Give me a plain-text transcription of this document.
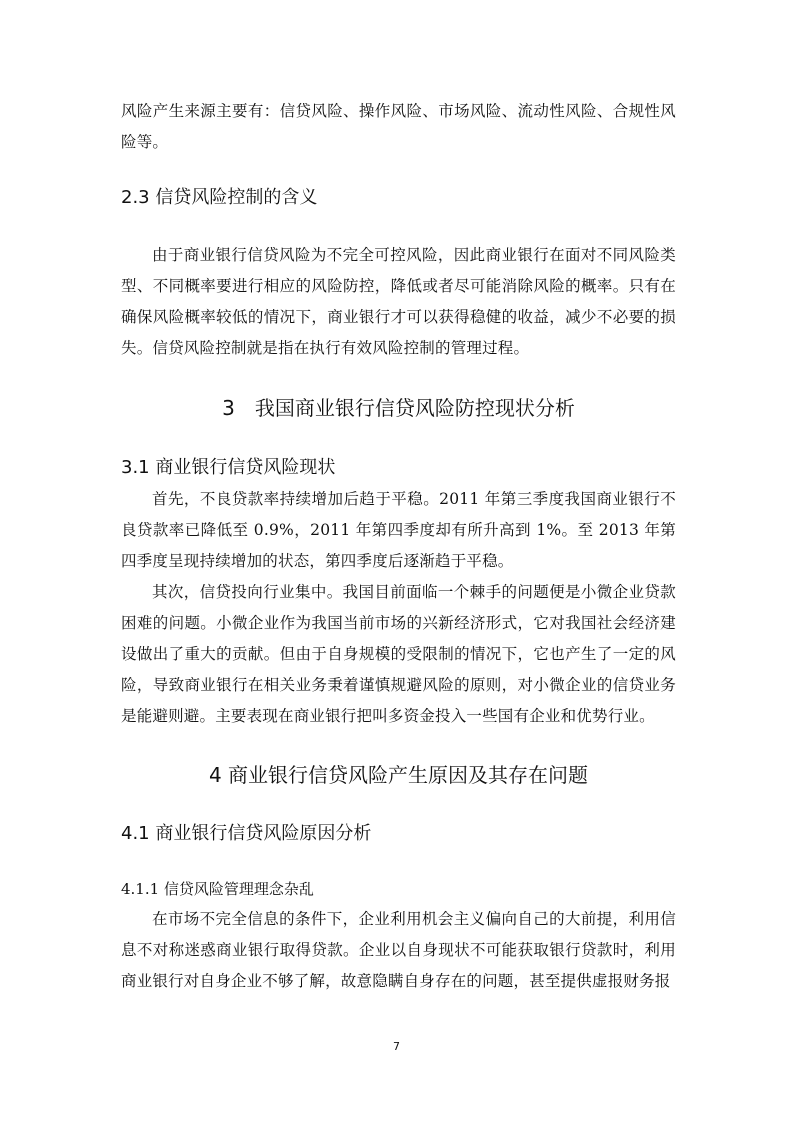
风险产生来源主要有：信贷风险、操作风险、市场风险、流动性风险、合规性风险等。

2.3 信贷风险控制的含义

由于商业银行信贷风险为不完全可控风险，因此商业银行在面对不同风险类型、不同概率要进行相应的风险防控，降低或者尽可能消除风险的概率。只有在确保风险概率较低的情况下，商业银行才可以获得稳健的收益，减少不必要的损失。信贷风险控制就是指在执行有效风险控制的管理过程。

3　我国商业银行信贷风险防控现状分析
3.1 商业银行信贷风险现状

首先，不良贷款率持续增加后趋于平稳。2011 年第三季度我国商业银行不良贷款率已降低至 0.9%，2011 年第四季度却有所升高到 1%。至 2013 年第四季度呈现持续增加的状态，第四季度后逐渐趋于平稳。

其次，信贷投向行业集中。我国目前面临一个棘手的问题便是小微企业贷款困难的问题。小微企业作为我国当前市场的兴新经济形式，它对我国社会经济建设做出了重大的贡献。但由于自身规模的受限制的情况下，它也产生了一定的风险，导致商业银行在相关业务秉着谨慎规避风险的原则，对小微企业的信贷业务是能避则避。主要表现在商业银行把叫多资金投入一些国有企业和优势行业。

4 商业银行信贷风险产生原因及其存在问题
4.1 商业银行信贷风险原因分析
4.1.1 信贷风险管理理念杂乱

在市场不完全信息的条件下，企业利用机会主义偏向自己的大前提，利用信息不对称迷惑商业银行取得贷款。企业以自身现状不可能获取银行贷款时，利用商业银行对自身企业不够了解，故意隐瞒自身存在的问题，甚至提供虚报财务报

7
